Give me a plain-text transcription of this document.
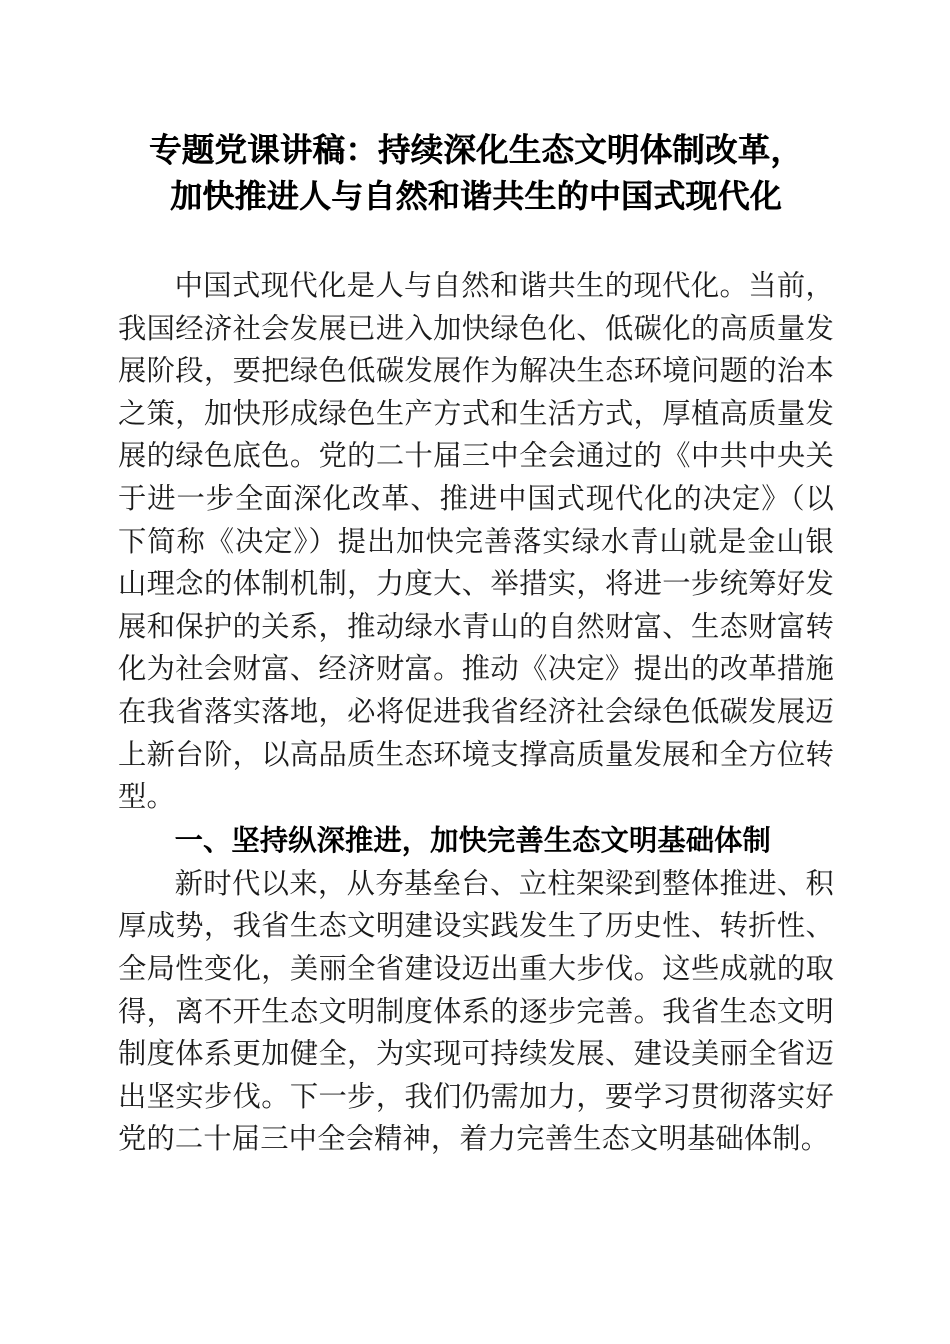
专题党课讲稿：持续深化生态文明体制改革，
加快推进人与自然和谐共生的中国式现代化

中国式现代化是人与自然和谐共生的现代化。当前，我国经济社会发展已进入加快绿色化、低碳化的高质量发展阶段，要把绿色低碳发展作为解决生态环境问题的治本之策，加快形成绿色生产方式和生活方式，厚植高质量发展的绿色底色。党的二十届三中全会通过的《中共中央关于进一步全面深化改革、推进中国式现代化的决定》（以下简称《决定》）提出加快完善落实绿水青山就是金山银山理念的体制机制，力度大、举措实，将进一步统筹好发展和保护的关系，推动绿水青山的自然财富、生态财富转化为社会财富、经济财富。推动《决定》提出的改革措施在我省落实落地，必将促进我省经济社会绿色低碳发展迈上新台阶，以高品质生态环境支撑高质量发展和全方位转型。

一、坚持纵深推进，加快完善生态文明基础体制

新时代以来，从夯基垒台、立柱架梁到整体推进、积厚成势，我省生态文明建设实践发生了历史性、转折性、全局性变化，美丽全省建设迈出重大步伐。这些成就的取得，离不开生态文明制度体系的逐步完善。我省生态文明制度体系更加健全，为实现可持续发展、建设美丽全省迈出坚实步伐。下一步，我们仍需加力，要学习贯彻落实好党的二十届三中全会精神，着力完善生态文明基础体制。
